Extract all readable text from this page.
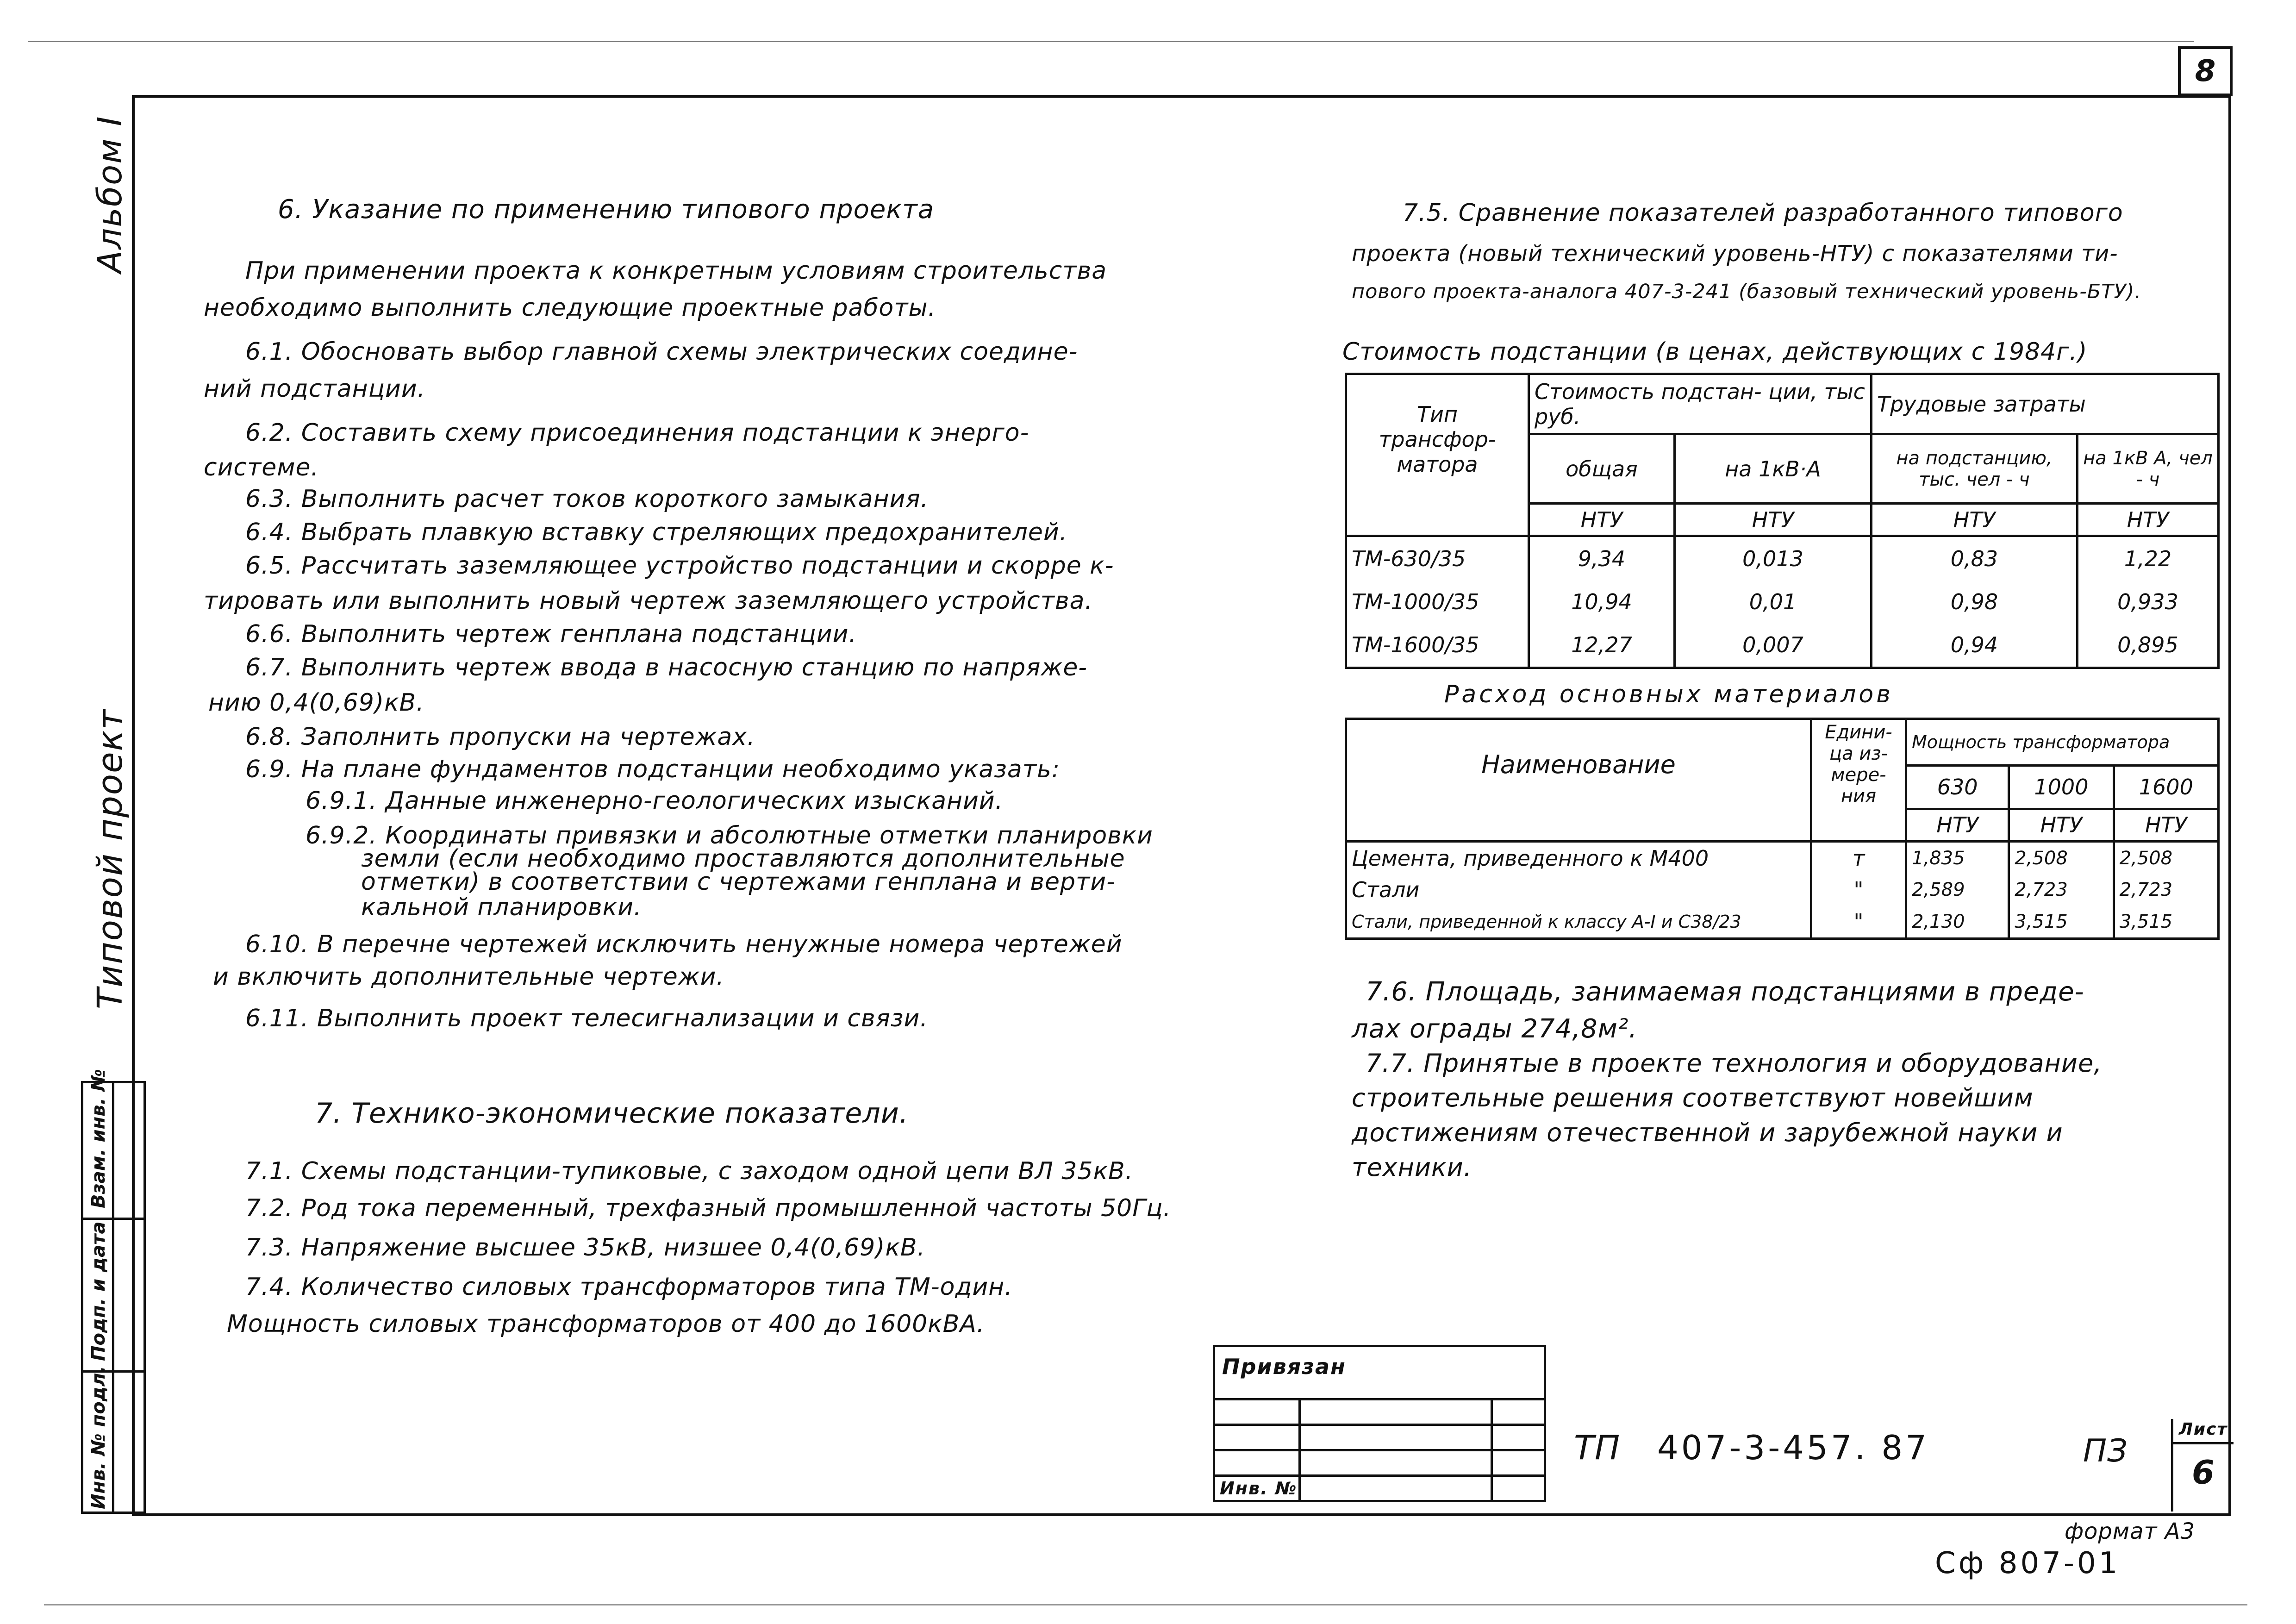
8
Альбом I
Типовой проект
Взам. инв. №
Подп. и дата
Инв. № подл.
6. Указание по применению типового проекта
При применении проекта к конкретным условиям строительства
необходимо выполнить следующие проектные работы.
6.1. Обосновать выбор главной схемы электрических соедине-
ний подстанции.
6.2. Составить схему присоединения подстанции к энерго-
системе.
6.3. Выполнить расчет токов короткого замыкания.
6.4. Выбрать плавкую вставку стреляющих предохранителей.
6.5. Рассчитать заземляющее устройство подстанции и скорре к-
тировать или выполнить новый чертеж заземляющего устройства.
6.6. Выполнить чертеж генплана подстанции.
6.7. Выполнить чертеж ввода в насосную станцию по напряже-
нию 0,4(0,69)кВ.
6.8. Заполнить пропуски на чертежах.
6.9. На плане фундаментов подстанции необходимо указать:
6.9.1. Данные инженерно-геологических изысканий.
6.9.2. Координаты привязки и абсолютные отметки планировки
земли (если необходимо проставляются дополнительные
отметки) в соответствии с чертежами генплана и верти-
кальной планировки.
6.10. В перечне чертежей исключить ненужные номера чертежей
и включить дополнительные чертежи.
6.11. Выполнить проект телесигнализации и связи.
7. Технико-экономические показатели.
7.1. Схемы подстанции-тупиковые, с заходом одной цепи ВЛ 35кВ.
7.2. Род тока переменный, трехфазный промышленной частоты 50Гц.
7.3. Напряжение высшее 35кВ, низшее 0,4(0,69)кВ.
7.4. Количество силовых трансформаторов типа ТМ-один.
Мощность силовых трансформаторов от 400 до 1600кВА.
7.5. Сравнение показателей разработанного типового
проекта (новый технический уровень-НТУ) с показателями ти-
пового проекта-аналога 407-3-241 (базовый технический уровень-БТУ).
Стоимость подстанции (в ценах, действующих с 1984г.)
Тип
трансфор-
матора	Стоимость подстан- ции, тыс руб.		Трудовые затраты	
	общая	на 1кВ·А	на подстанцию, тыс. чел - ч	на 1кВ А, чел - ч
	НТУ	НТУ	НТУ	НТУ
ТМ-630/35	9,34	0,013	0,83	1,22
ТМ-1000/35	10,94	0,01	0,98	0,933
ТМ-1600/35	12,27	0,007	0,94	0,895
Расход основных материалов
Наименование	Едини- ца из- мере- ния	Мощность трансформатора		
		630	1000	1600
		НТУ	НТУ	НТУ
Цемента, приведенного к М400	т	1,835	2,508	2,508
Стали	"	2,589	2,723	2,723
Стали, приведенной к классу А-I и С38/23	"	2,130	3,515	3,515
7.6. Площадь, занимаемая подстанциями в преде-
лах ограды 274,8м².
7.7. Принятые в проекте технология и оборудование,
строительные решения соответствуют новейшим
достижениям отечественной и зарубежной науки и
техники.
Привязан
Инв. №
ТП 407-3-457. 87	ПЗ
Лист
6
формат А3
Сф 807-01
